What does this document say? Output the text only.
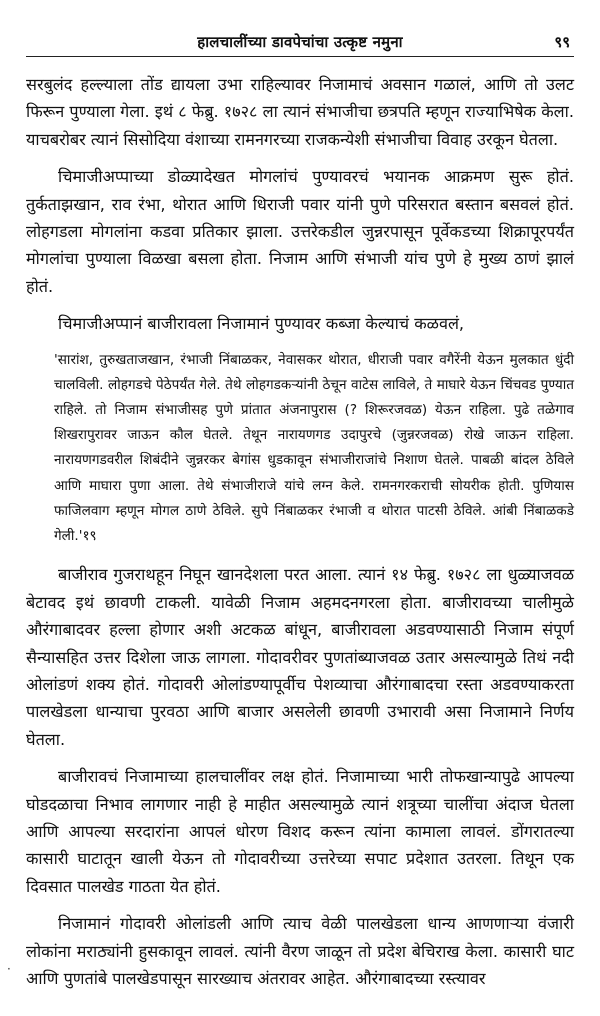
हालचालींच्या डावपेचांचा उत्कृष्ट नमुना	९९

सरबुलंद हल्ल्याला तोंड द्यायला उभा राहिल्यावर निजामाचं अवसान गळालं, आणि तो उलट फिरून पुण्याला गेला. इथं ८ फेब्रु. १७२८ ला त्यानं संभाजीचा छत्रपति म्हणून राज्याभिषेक केला. याचबरोबर त्यानं सिसोदिया वंशाच्या रामनगरच्या राजकन्येशी संभाजीचा विवाह उरकून घेतला.

चिमाजीअप्पाच्या डोळ्यादेखत मोगलांचं पुण्यावरचं भयानक आक्रमण सुरू होतं. तुर्कताझखान, राव रंभा, थोरात आणि धिराजी पवार यांनी पुणे परिसरात बस्तान बसवलं होतं. लोहगडला मोगलांना कडवा प्रतिकार झाला. उत्तरेकडील जुन्नरपासून पूर्वेकडच्या शिक्रापूरपर्यंत मोगलांचा पुण्याला विळखा बसला होता. निजाम आणि संभाजी यांच पुणे हे मुख्य ठाणं झालं होतं.

चिमाजीअप्पानं बाजीरावला निजामानं पुण्यावर कब्जा केल्याचं कळवलं,

'सारांश, तुरुखताजखान, रंभाजी निंबाळकर, नेवासकर थोरात, धीराजी पवार वगैरेंनी येऊन मुलकात धुंदी चालविली. लोहगडचे पेठेपर्यंत गेले. तेथे लोहगडकऱ्यांनी ठेचून वाटेस लाविले, ते माघारे येऊन चिंचवड पुण्यात राहिले. तो निजाम संभाजीसह पुणे प्रांतात अंजनापुरास (? शिरूरजवळ) येऊन राहिला. पुढे तळेगाव शिखरापुरावर जाऊन कौल घेतले. तेथून नारायणगड उदापुरचे (जुन्नरजवळ) रोखे जाऊन राहिला. नारायणगडवरील शिबंदीने जुन्नरकर बेगांस धुडकावून संभाजीराजांचे निशाण घेतले. पाबळी बांदल ठेविले आणि माघारा पुणा आला. तेथे संभाजीराजे यांचे लग्न केले. रामनगरकराची सोयरीक होती. पुणियास फाजिलवाग म्हणून मोगल ठाणे ठेविले. सुपे निंबाळकर रंभाजी व थोरात पाटसी ठेविले. आंबी निंबाळकडे गेली.'१९

बाजीराव गुजराथहून निघून खानदेशला परत आला. त्यानं १४ फेब्रु. १७२८ ला धुळ्याजवळ बेटावद इथं छावणी टाकली. यावेळी निजाम अहमदनगरला होता. बाजीरावच्या चालीमुळे औरंगाबादवर हल्ला होणार अशी अटकळ बांधून, बाजीरावला अडवण्यासाठी निजाम संपूर्ण सैन्यासहित उत्तर दिशेला जाऊ लागला. गोदावरीवर पुणतांब्याजवळ उतार असल्यामुळे तिथं नदी ओलांडणं शक्य होतं. गोदावरी ओलांडण्यापूर्वीच पेशव्याचा औरंगाबादचा रस्ता अडवण्याकरता पालखेडला धान्याचा पुरवठा आणि बाजार असलेली छावणी उभारावी असा निजामाने निर्णय घेतला.

बाजीरावचं निजामाच्या हालचालींवर लक्ष होतं. निजामाच्या भारी तोफखान्यापुढे आपल्या घोडदळाचा निभाव लागणार नाही हे माहीत असल्यामुळे त्यानं शत्रूच्या चालींचा अंदाज घेतला आणि आपल्या सरदारांना आपलं धोरण विशद करून त्यांना कामाला लावलं. डोंगरातल्या कासारी घाटातून खाली येऊन तो गोदावरीच्या उत्तरेच्या सपाट प्रदेशात उतरला. तिथून एक दिवसात पालखेड गाठता येत होतं.

निजामानं गोदावरी ओलांडली आणि त्याच वेळी पालखेडला धान्य आणणाऱ्या वंजारी लोकांना मराठ्यांनी हुसकावून लावलं. त्यांनी वैरण जाळून तो प्रदेश बेचिराख केला. कासारी घाट आणि पुणतांबे पालखेडपासून सारख्याच अंतरावर आहेत. औरंगाबादच्या रस्त्यावर

·
